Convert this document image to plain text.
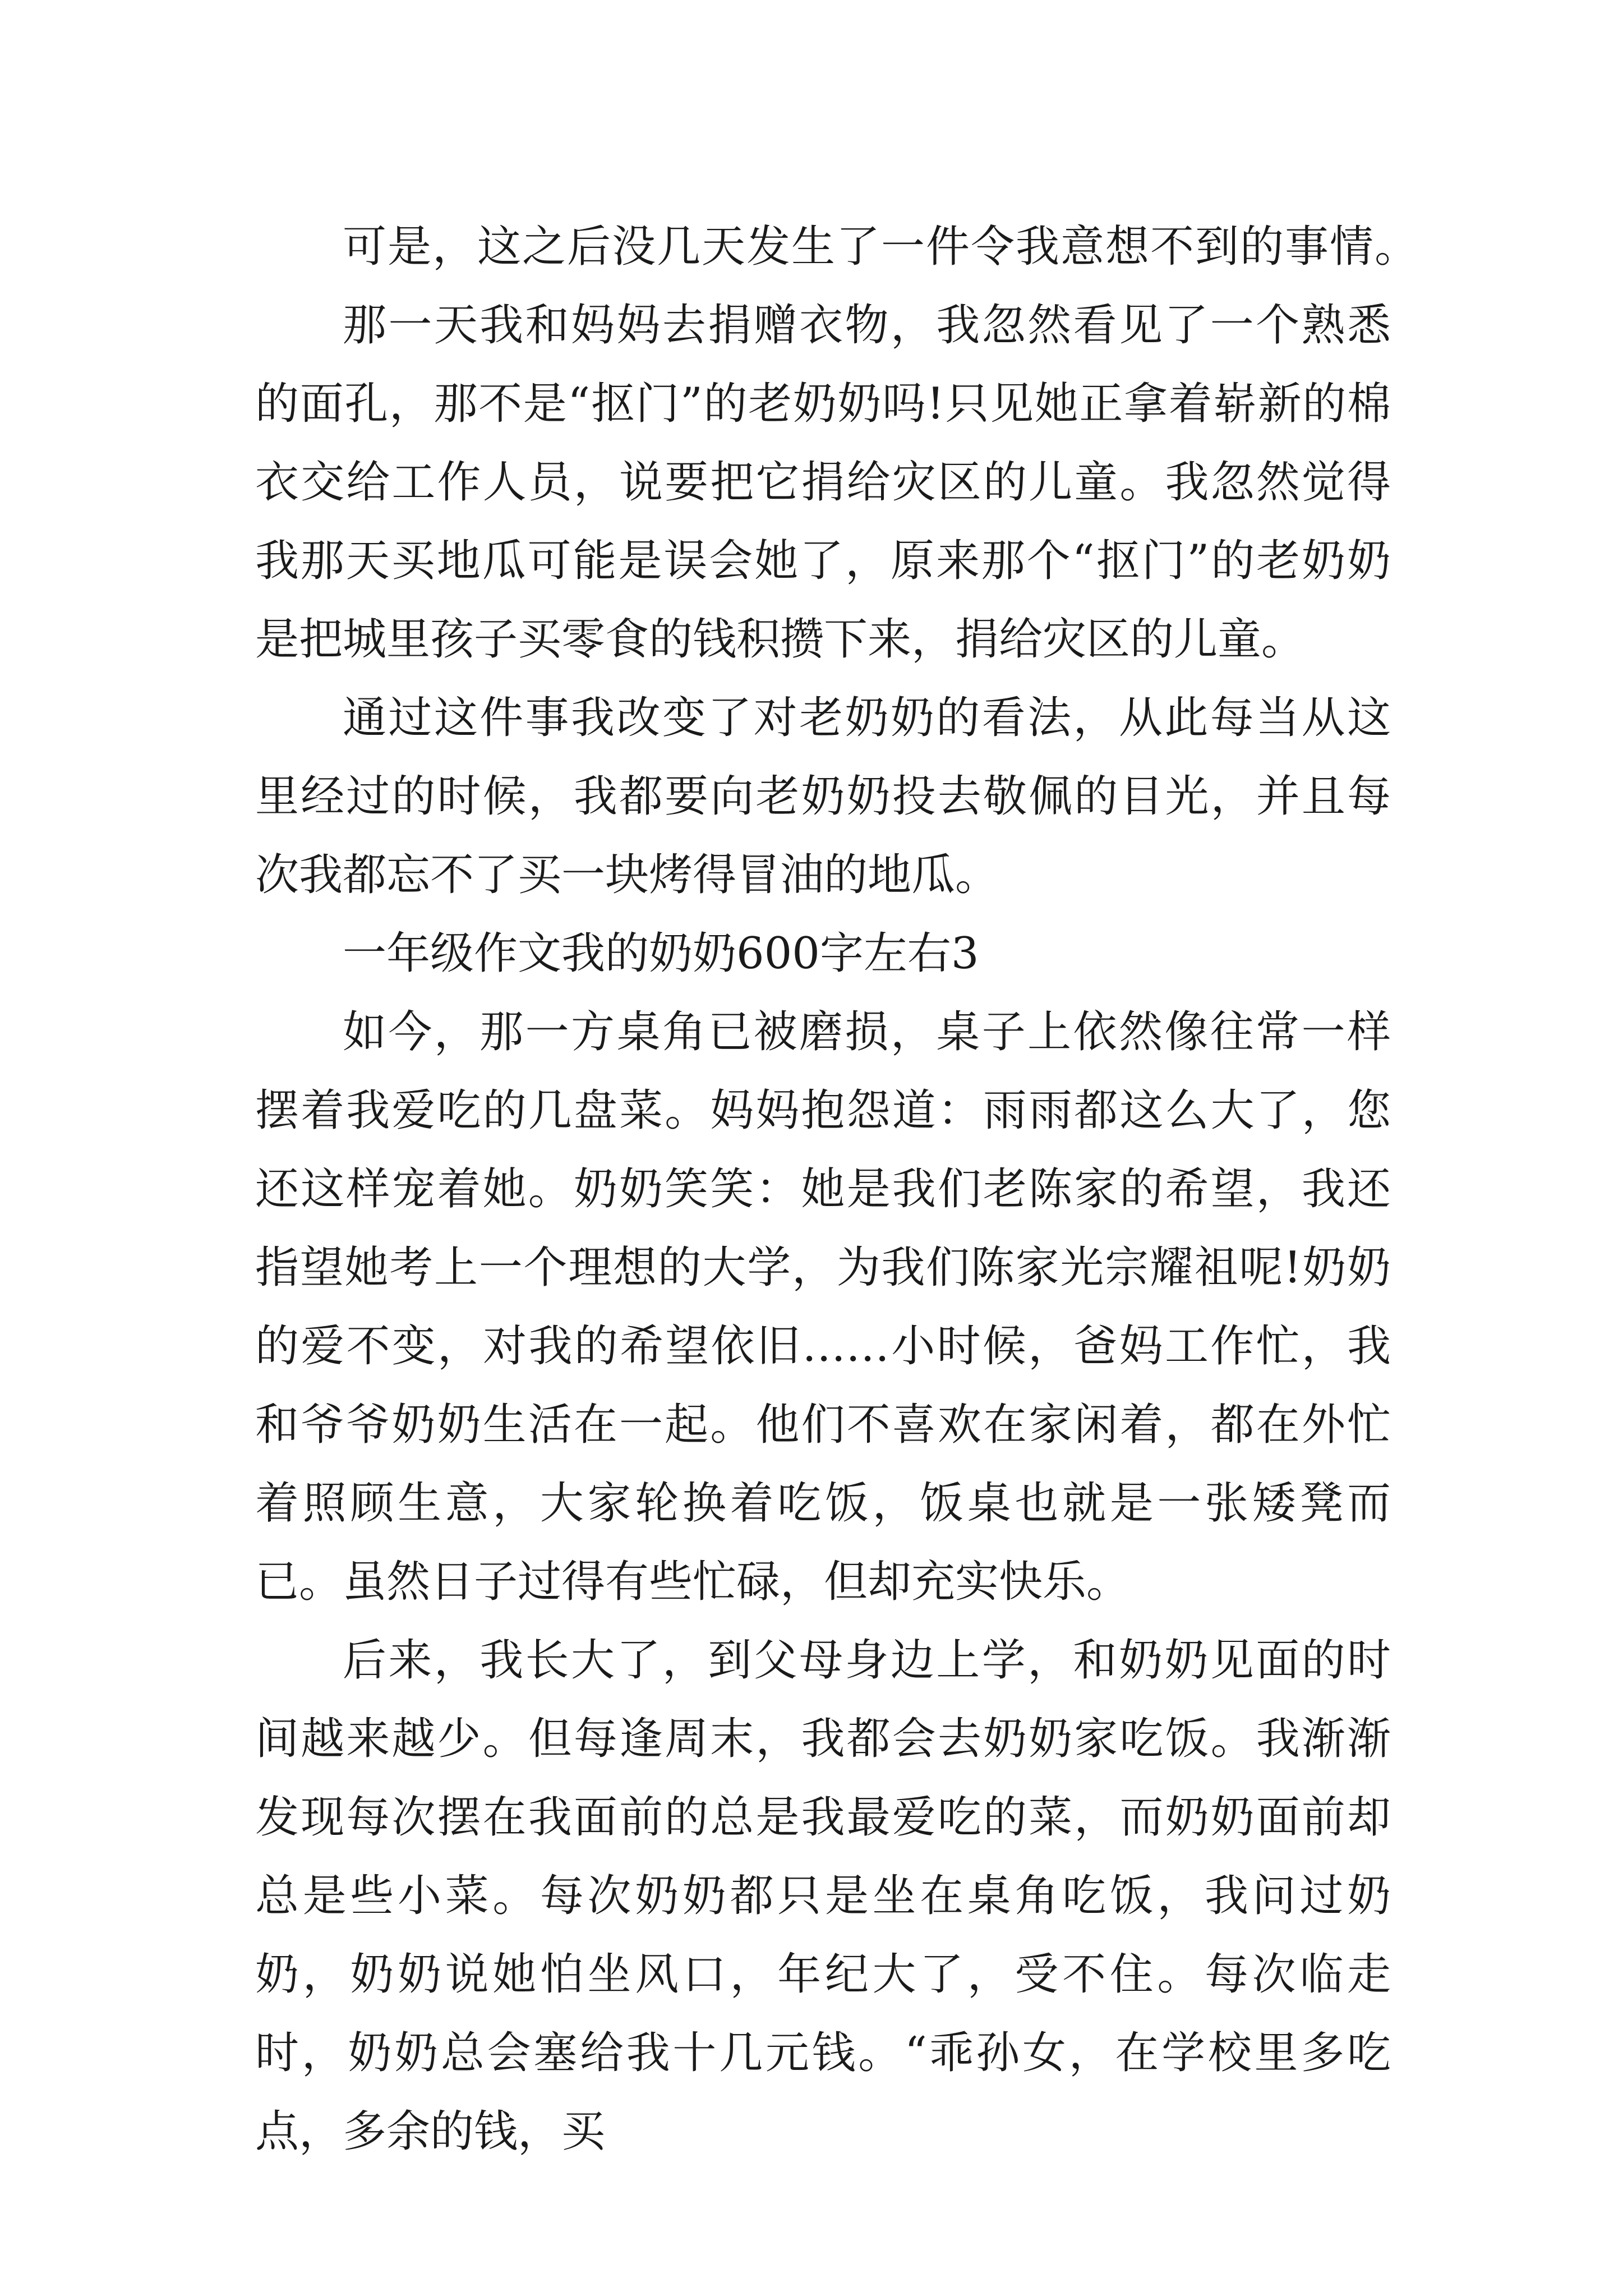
可是，这之后没几天发生了一件令我意想不到的事情。

那一天我和妈妈去捐赠衣物，我忽然看见了一个熟悉的面孔，那不是“抠门”的老奶奶吗!只见她正拿着崭新的棉衣交给工作人员，说要把它捐给灾区的儿童。我忽然觉得我那天买地瓜可能是误会她了，原来那个“抠门”的老奶奶是把城里孩子买零食的钱积攒下来，捐给灾区的儿童。

通过这件事我改变了对老奶奶的看法，从此每当从这里经过的时候，我都要向老奶奶投去敬佩的目光，并且每次我都忘不了买一块烤得冒油的地瓜。

一年级作文我的奶奶600字左右3

如今，那一方桌角已被磨损，桌子上依然像往常一样摆着我爱吃的几盘菜。妈妈抱怨道：雨雨都这么大了，您还这样宠着她。奶奶笑笑：她是我们老陈家的希望，我还指望她考上一个理想的大学，为我们陈家光宗耀祖呢!奶奶的爱不变，对我的希望依旧……小时候，爸妈工作忙，我和爷爷奶奶生活在一起。他们不喜欢在家闲着，都在外忙着照顾生意，大家轮换着吃饭，饭桌也就是一张矮凳而已。虽然日子过得有些忙碌，但却充实快乐。

后来，我长大了，到父母身边上学，和奶奶见面的时间越来越少。但每逢周末，我都会去奶奶家吃饭。我渐渐发现每次摆在我面前的总是我最爱吃的菜，而奶奶面前却总是些小菜。每次奶奶都只是坐在桌角吃饭，我问过奶奶，奶奶说她怕坐风口，年纪大了，受不住。每次临走时，奶奶总会塞给我十几元钱。“乖孙女，在学校里多吃点，多余的钱，买
